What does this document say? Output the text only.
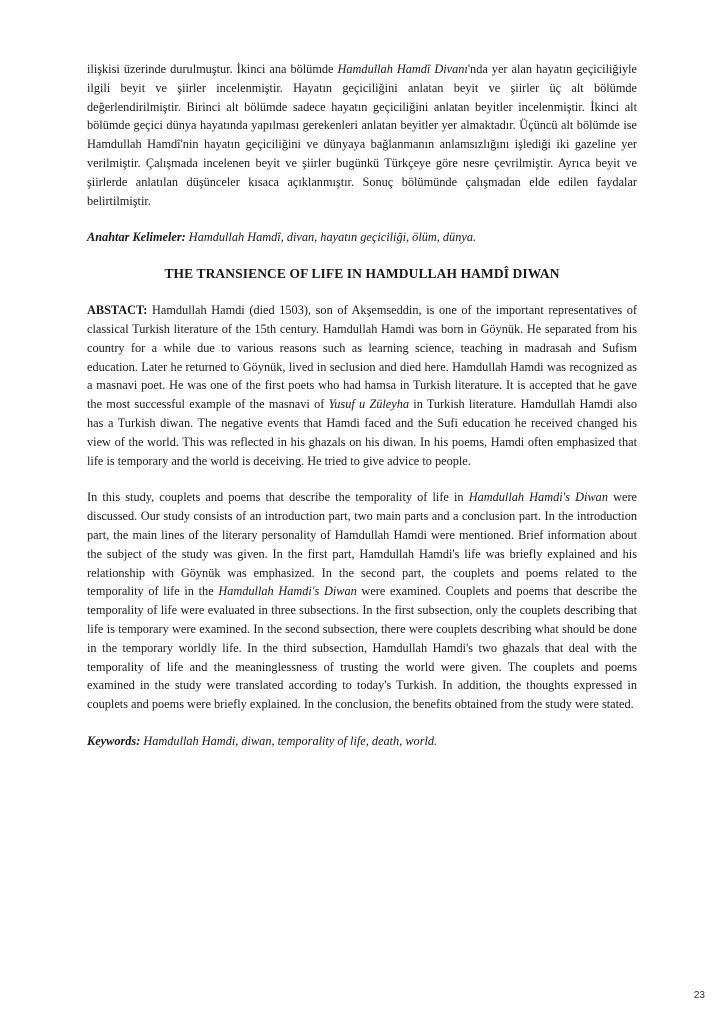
ilişkisi üzerinde durulmuştur. İkinci ana bölümde Hamdullah Hamdî Divanı'nda yer alan hayatın geçiciliğiyle ilgili beyit ve şiirler incelenmiştir. Hayatın geçiciliğini anlatan beyit ve şiirler üç alt bölümde değerlendirilmiştir. Birinci alt bölümde sadece hayatın geçiciliğini anlatan beyitler incelenmiştir. İkinci alt bölümde geçici dünya hayatında yapılması gerekenleri anlatan beyitler yer almaktadır. Üçüncü alt bölümde ise Hamdullah Hamdî'nin hayatın geçiciliğini ve dünyaya bağlanmanın anlamsızlığını işlediği iki gazeline yer verilmiştir. Çalışmada incelenen beyit ve şiirler bugünkü Türkçeye göre nesre çevrilmiştir. Ayrıca beyit ve şiirlerde anlatılan düşünceler kısaca açıklanmıştır. Sonuç bölümünde çalışmadan elde edilen faydalar belirtilmiştir.

Anahtar Kelimeler: Hamdullah Hamdî, divan, hayatın geçiciliği, ölüm, dünya.

THE TRANSIENCE OF LIFE IN HAMDULLAH HAMDÎ DIWAN

ABSTACT: Hamdullah Hamdi (died 1503), son of Akşemseddin, is one of the important representatives of classical Turkish literature of the 15th century. Hamdullah Hamdi was born in Göynük. He separated from his country for a while due to various reasons such as learning science, teaching in madrasah and Sufism education. Later he returned to Göynük, lived in seclusion and died here. Hamdullah Hamdi was recognized as a masnavi poet. He was one of the first poets who had hamsa in Turkish literature. It is accepted that he gave the most successful example of the masnavi of Yusuf u Züleyha in Turkish literature. Hamdullah Hamdi also has a Turkish diwan. The negative events that Hamdi faced and the Sufi education he received changed his view of the world. This was reflected in his ghazals on his diwan. In his poems, Hamdi often emphasized that life is temporary and the world is deceiving. He tried to give advice to people.

In this study, couplets and poems that describe the temporality of life in Hamdullah Hamdi's Diwan were discussed. Our study consists of an introduction part, two main parts and a conclusion part. In the introduction part, the main lines of the literary personality of Hamdullah Hamdi were mentioned. Brief information about the subject of the study was given. In the first part, Hamdullah Hamdi's life was briefly explained and his relationship with Göynük was emphasized. In the second part, the couplets and poems related to the temporality of life in the Hamdullah Hamdi's Diwan were examined. Couplets and poems that describe the temporality of life were evaluated in three subsections. In the first subsection, only the couplets describing that life is temporary were examined. In the second subsection, there were couplets describing what should be done in the temporary worldly life. In the third subsection, Hamdullah Hamdi's two ghazals that deal with the temporality of life and the meaninglessness of trusting the world were given. The couplets and poems examined in the study were translated according to today's Turkish. In addition, the thoughts expressed in couplets and poems were briefly explained. In the conclusion, the benefits obtained from the study were stated.

Keywords: Hamdullah Hamdi, diwan, temporality of life, death, world.

23
